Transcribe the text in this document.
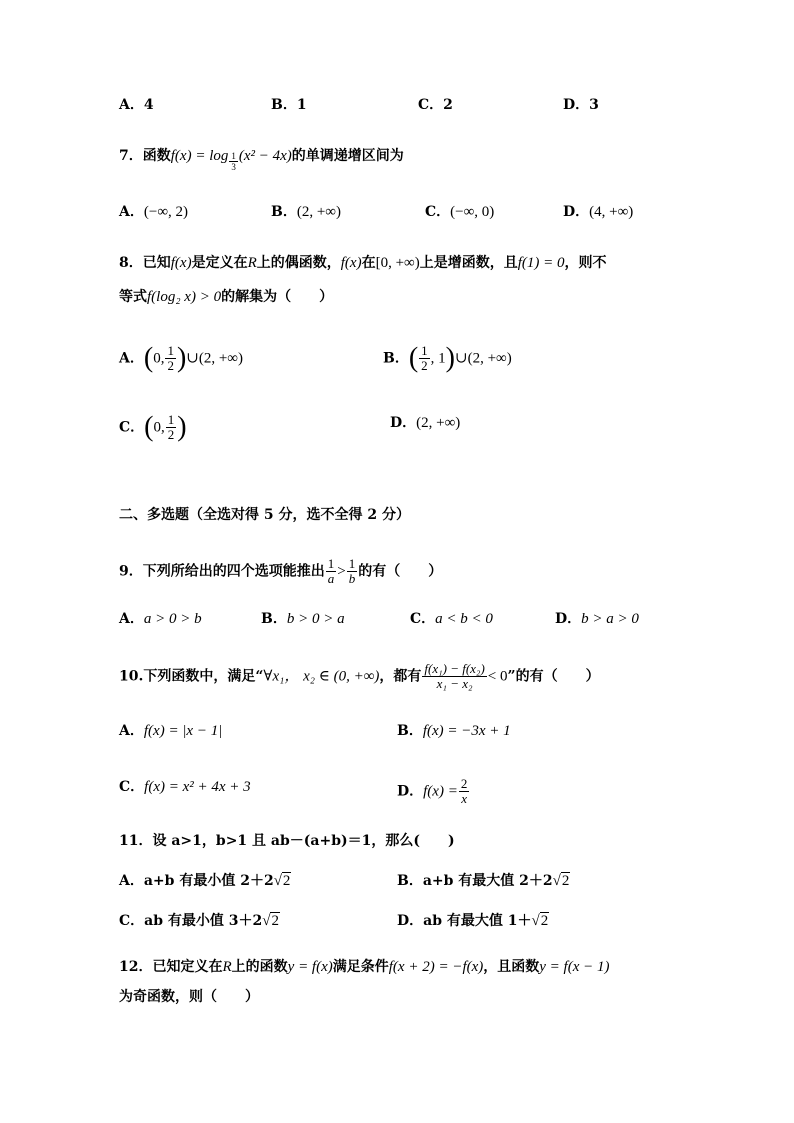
A．4	B．1	C．2	D．3
7．函数$f(x) = \log \frac{1}{3} (x^2 - 4x)$的单调递增区间为
A．(−∞, 2)	B．(2, +∞)	C．(−∞, 0)	D．(4, +∞)
8．已知f(x)是定义在R上的偶函数，f(x)在[0, +∞)上是增函数，且f(1) = 0，则不
等式f(log₂ x) > 0的解集为（　　）
A．(0, $\frac{1}{2}$ )∪(2, +∞)	B．( $\frac{1}{2}$ , 1)∪(2, +∞)
C．(0, $\frac{1}{2}$ )	D．(2, +∞)
二、多选题（全选对得 5 分，选不全得 2 分）
9．下列所给出的四个选项能推出 $\frac{1}{a} > \frac{1}{b}$ 的有（　　）
A．a > 0 > b	B．b > 0 > a	C．a < b < 0	D．b > a > 0
10.下列函数中，满足“∀x₁， x₂ ∈ (0, +∞)，都有 $\frac{\text{f(x₁) − f(x₂)}}{\text{x₁ − x₂}} < 0$”的有（　　）
A．f(x) = |x − 1|	B．f(x) = −3x + 1
C．f(x) = x² + 4x + 3	D．$f(x) = \frac{2}{x}$
11．设 a>1，b>1 且 ab－(a+b)＝1，那么(　　)
A．a+b 有最小值 2＋2√2	B．a+b 有最大值 2＋2√2
C．ab 有最小值 3＋2√2	D．ab 有最大值 1＋√2
12．已知定义在R上的函数y = f(x)满足条件f(x + 2) = −f(x)，且函数y = f(x − 1)
为奇函数，则（　　）
